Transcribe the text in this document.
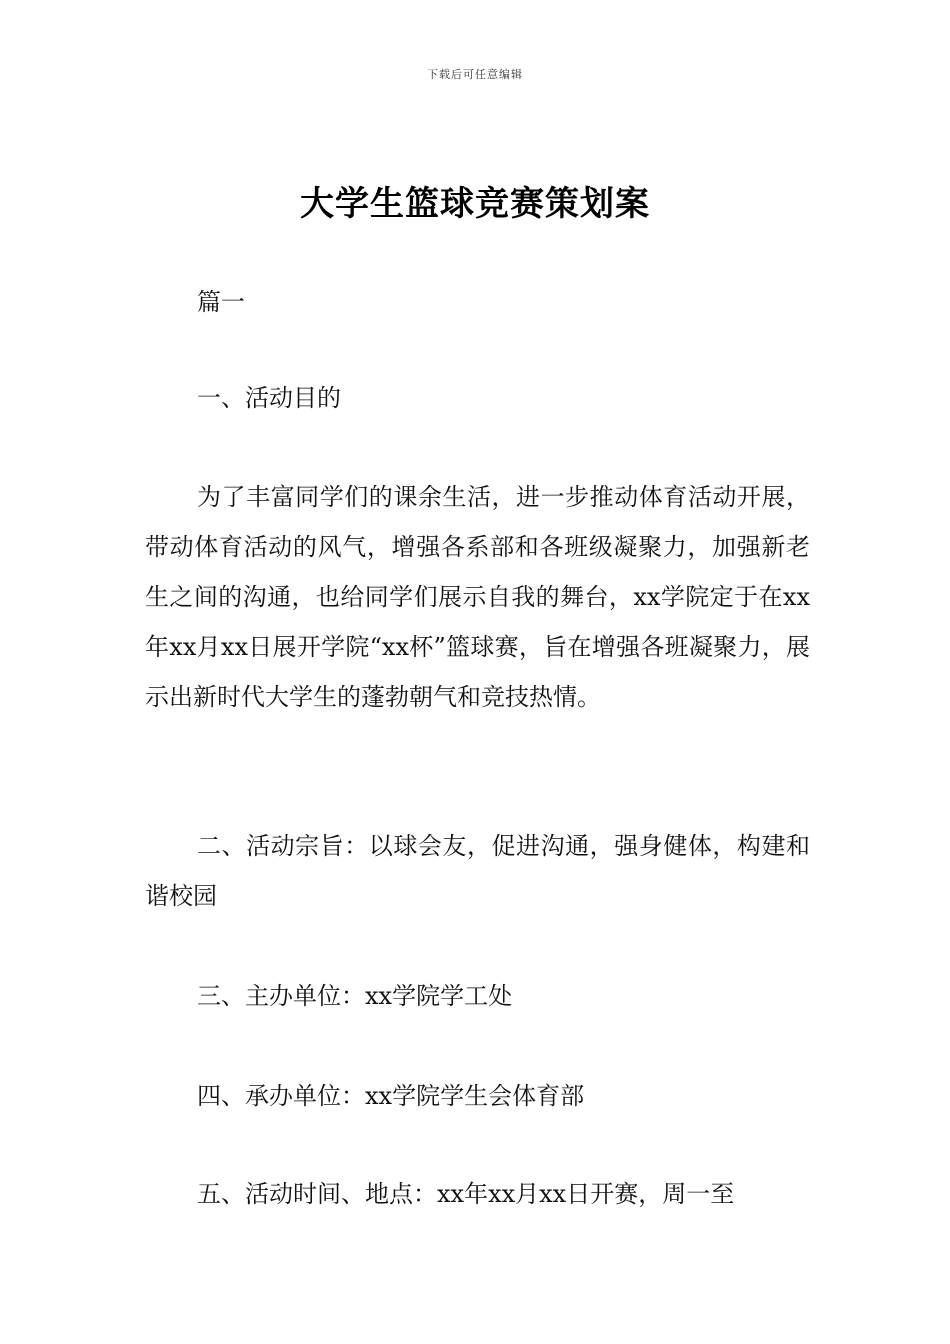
下载后可任意编辑
大学生篮球竞赛策划案

篇一

一、活动目的

为了丰富同学们的课余生活，进一步推动体育活动开展，带动体育活动的风气，增强各系部和各班级凝聚力，加强新老生之间的沟通，也给同学们展示自我的舞台，xx学院定于在xx年xx月xx日展开学院“xx杯”篮球赛，旨在增强各班凝聚力，展示出新时代大学生的蓬勃朝气和竞技热情。

二、活动宗旨：以球会友，促进沟通，强身健体，构建和谐校园

三、主办单位：xx学院学工处

四、承办单位：xx学院学生会体育部

五、活动时间、地点：xx年xx月xx日开赛，周一至
